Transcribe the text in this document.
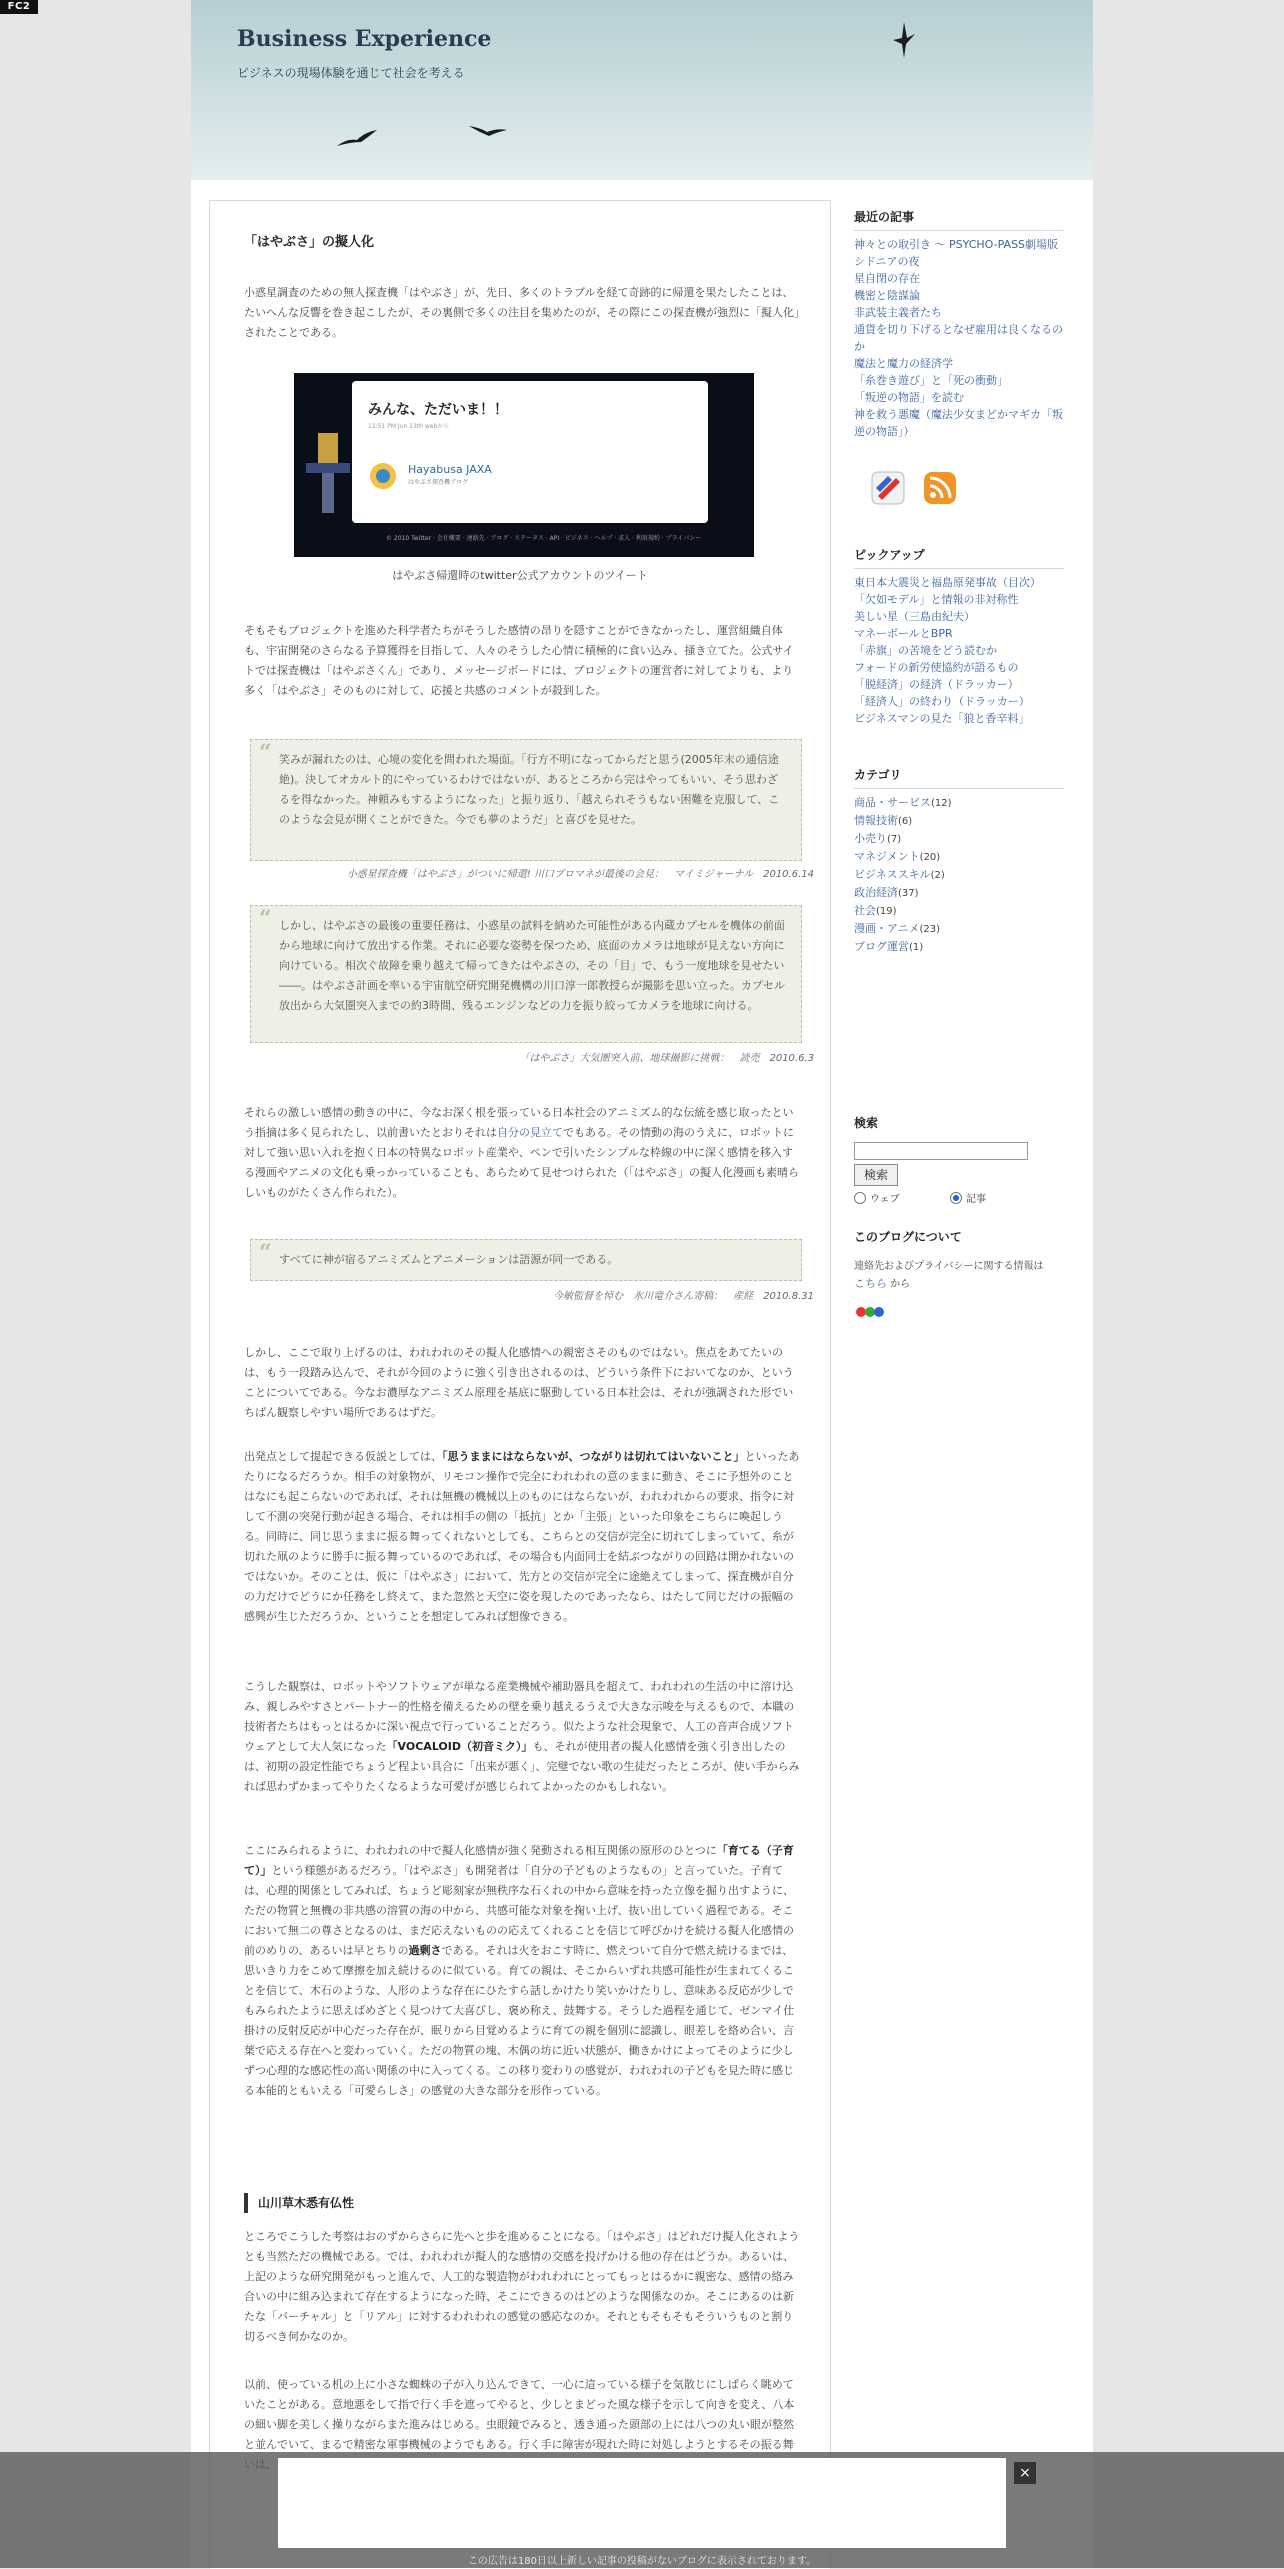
FC2
Business Experience
ビジネスの現場体験を通じて社会を考える
「はやぶさ」の擬人化
小惑星調査のための無人探査機「はやぶさ」が、先日、多くのトラブルを経て奇跡的に帰還を果たしたことは、たいへんな反響を巻き起こしたが、その裏側で多くの注目を集めたのが、その際にこの探査機が強烈に「擬人化」されたことである。
みんな、ただいま！！
11:51 PM Jun 13th webから
Hayabusa JAXA
はやぶさ探査機ブログ
© 2010 Twitter · 会社概要 · 連絡先 · ブログ · ステータス · API · ビジネス · ヘルプ · 求人 · 利用規約 · プライバシー
はやぶさ帰還時のtwitter公式アカウントのツイート
そもそもプロジェクトを進めた科学者たちがそうした感情の昂りを隠すことができなかったし、運営組織自体も、宇宙開発のさらなる予算獲得を目指して、人々のそうした心情に積極的に食い込み、掻き立てた。公式サイトでは探査機は「はやぶさくん」であり、メッセージボードには、プロジェクトの運営者に対してよりも、より多く「はやぶさ」そのものに対して、応援と共感のコメントが殺到した。
“ 笑みが漏れたのは、心境の変化を問われた場面。「行方不明になってからだと思う(2005年末の通信途絶)。決してオカルト的にやっているわけではないが、あるところから完はやってもいい、そう思わざるを得なかった。神頼みもするようになった」と振り返り、「越えられそうもない困難を克服して、このような会見が開くことができた。今でも夢のようだ」と喜びを見せた。
小惑星探査機「はやぶさ」がついに帰還! 川口プロマネが最後の会見：　マイミジャーナル　2010.6.14
“ しかし、はやぶさの最後の重要任務は、小惑星の試料を納めた可能性がある内蔵カプセルを機体の前面から地球に向けて放出する作業。それに必要な姿勢を保つため、底面のカメラは地球が見えない方向に向けている。相次ぐ故障を乗り越えて帰ってきたはやぶさの、その「目」で、もう一度地球を見せたい――。はやぶさ計画を率いる宇宙航空研究開発機構の川口淳一郎教授らが撮影を思い立った。カプセル放出から大気圏突入までの約3時間、残るエンジンなどの力を振り絞ってカメラを地球に向ける。
「はやぶさ」大気圏突入前、地球撮影に挑戦：　読売　2010.6.3
それらの激しい感情の動きの中に、今なお深く根を張っている日本社会のアニミズム的な伝統を感じ取ったという指摘は多く見られたし、以前書いたとおりそれは自分の見立てでもある。その情動の海のうえに、ロボットに対して強い思い入れを抱く日本の特異なロボット産業や、ペンで引いたシンプルな枠線の中に深く感情を移入する漫画やアニメの文化も乗っかっていることも、あらためて見せつけられた（「はやぶさ」の擬人化漫画も素晴らしいものがたくさん作られた）。
“ すべてに神が宿るアニミズムとアニメーションは語源が同一である。
今敏監督を悼む　氷川竜介さん寄稿：　産経　2010.8.31
しかし、ここで取り上げるのは、われわれのその擬人化感情への親密さそのものではない。焦点をあてたいのは、もう一段踏み込んで、それが今回のように強く引き出されるのは、どういう条件下においてなのか、ということについてである。今なお濃厚なアニミズム原理を基底に駆動している日本社会は、それが強調された形でいちばん観察しやすい場所であるはずだ。
出発点として提起できる仮説としては、「思うままにはならないが、つながりは切れてはいないこと」といったあたりになるだろうか。相手の対象物が、リモコン操作で完全にわれわれの意のままに動き、そこに予想外のことはなにも起こらないのであれば、それは無機の機械以上のものにはならないが、われわれからの要求、指令に対して不測の突発行動が起きる場合、それは相手の側の「抵抗」とか「主張」といった印象をこちらに喚起しうる。同時に、同じ思うままに振る舞ってくれないとしても、こちらとの交信が完全に切れてしまっていて、糸が切れた凧のように勝手に振る舞っているのであれば、その場合も内面同士を結ぶつながりの回路は開かれないのではないか。そのことは、仮に「はやぶさ」において、先方との交信が完全に途絶えてしまって、探査機が自分の力だけでどうにか任務をし終えて、また忽然と天空に姿を現したのであったなら、はたして同じだけの振幅の感興が生じただろうか、ということを想定してみれば想像できる。
こうした観察は、ロボットやソフトウェアが単なる産業機械や補助器具を超えて、われわれの生活の中に溶け込み、親しみやすさとパートナー的性格を備えるための壁を乗り越えるうえで大きな示唆を与えるもので、本職の技術者たちはもっとはるかに深い視点で行っていることだろう。似たような社会現象で、人工の音声合成ソフトウェアとして大人気になった「VOCALOID（初音ミク）」も、それが使用者の擬人化感情を強く引き出したのは、初期の設定性能でちょうど程よい具合に「出来が悪く」、完璧でない歌の生徒だったところが、使い手からみれば思わずかまってやりたくなるような可愛げが感じられてよかったのかもしれない。
ここにみられるように、われわれの中で擬人化感情が強く発動される相互関係の原形のひとつに「育てる（子育て）」という様態があるだろう。「はやぶさ」も開発者は「自分の子どものようなもの」と言っていた。子育ては、心理的関係としてみれば、ちょうど彫刻家が無秩序な石くれの中から意味を持った立像を掘り出すように、ただの物質と無機の非共感の溶質の海の中から、共感可能な対象を掬い上げ、抜い出していく過程である。そこにおいて無二の尊さとなるのは、まだ応えないものの応えてくれることを信じて呼びかけを続ける擬人化感情の前のめりの、あるいは早とちりの過剰さである。それは火をおこす時に、燃えついて自分で燃え続けるまでは、思いきり力をこめて摩擦を加え続けるのに似ている。育ての親は、そこからいずれ共感可能性が生まれてくることを信じて、木石のような、人形のような存在にひたすら話しかけたり笑いかけたりし、意味ある反応が少しでもみられたように思えばめざとく見つけて大喜びし、褒め称え、鼓舞する。そうした過程を通じて、ゼンマイ仕掛けの反射反応が中心だった存在が、眠りから目覚めるように育ての親を個別に認識し、眼差しを絡め合い、言葉で応える存在へと変わっていく。ただの物質の塊、木偶の坊に近い状態が、働きかけによってそのように少しずつ心理的な感応性の高い関係の中に入ってくる。この移り変わりの感覚が、われわれの子どもを見た時に感じる本能的ともいえる「可愛らしさ」の感覚の大きな部分を形作っている。
山川草木悉有仏性
ところでこうした考察はおのずからさらに先へと歩を進めることになる。「はやぶさ」はどれだけ擬人化されようとも当然ただの機械である。では、われわれが擬人的な感情の交感を投げかける他の存在はどうか。あるいは、上記のような研究開発がもっと進んで、人工的な製造物がわれわれにとってもっとはるかに親密な、感情の絡み合いの中に組み込まれて存在するようになった時、そこにできるのはどのような関係なのか。そこにあるのは新たな「バーチャル」と「リアル」に対するわれわれの感覚の感応なのか。それともそもそもそういうものと割り切るべき何かなのか。
以前、使っている机の上に小さな蜘蛛の子が入り込んできて、一心に這っている様子を気散じにしばらく眺めていたことがある。意地悪をして指で行く手を遮ってやると、少しとまどった風な様子を示して向きを変え、八本の細い脚を美しく操りながらまた進みはじめる。虫眼鏡でみると、透き通った頭部の上には八つの丸い眼が整然と並んでいて、まるで精密な軍事機械のようでもある。行く手に障害が現れた時に対処しようとするその振る舞
最近の記事
神々との取引き ～ PSYCHO-PASS劇場版
シドニアの夜
星自閉の存在
機密と陰謀論
非武装主義者たち
通貨を切り下げるとなぜ雇用は良くなるのか
魔法と魔力の経済学
「糸巻き遊び」と「死の衝動」
「叛逆の物語」を読む
神を救う悪魔（魔法少女まどかマギカ「叛逆の物語」）

ピックアップ
東日本大震災と福島原発事故（目次）
「欠如モデル」と情報の非対称性
美しい星（三島由紀夫）
マネーボールとBPR
「赤旗」の苦境をどう読むか
フォードの新労使協約が語るもの
「脱経済」の経済（ドラッカー）
「経済人」の終わり（ドラッカー）
ビジネスマンの見た「狼と香辛料」
カテゴリ
商品・サービス(12)
情報技術(6)
小売り(7)
マネジメント(20)
ビジネススキル(2)
政治経済(37)
社会(19)
漫画・アニメ(23)
ブログ運営(1)
検索
検索
ウェブ	記事
このブログについて
連絡先およびプライバシーに関する情報は
こちら から
×
この広告は180日以上新しい記事の投稿がないブログに表示されております。
